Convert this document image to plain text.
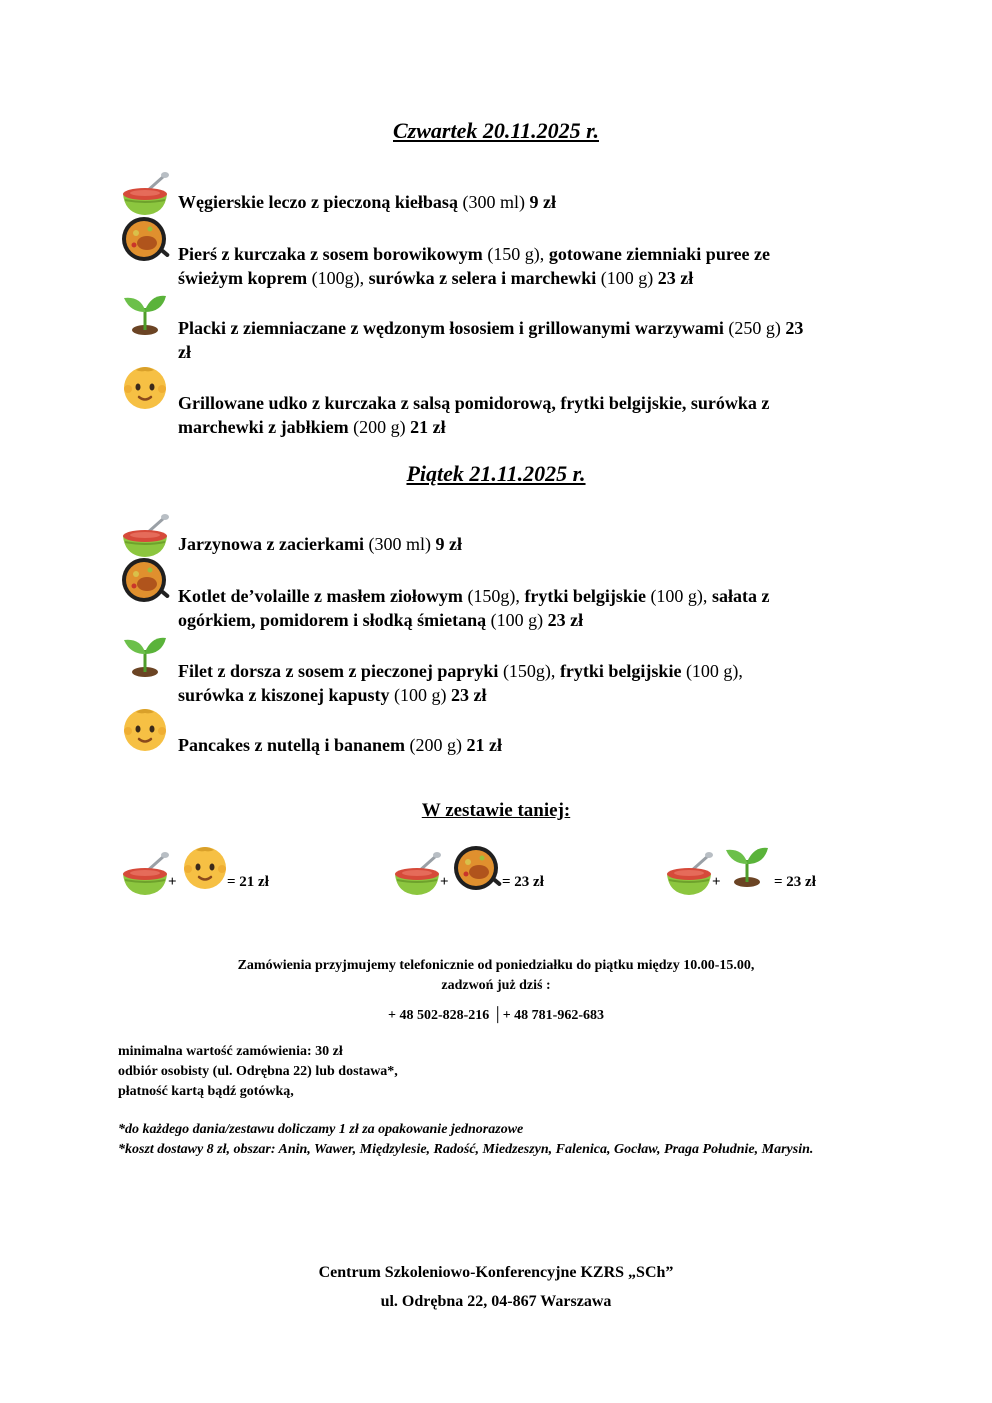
Czwartek 20.11.2025 r.
Węgierskie leczo z pieczoną kiełbasą (300 ml) 9 zł
Pierś z kurczaka z sosem borowikowym (150 g), gotowane ziemniaki puree ze
świeżym koprem (100g), surówka z selera i marchewki (100 g) 23 zł
Placki z ziemniaczane z wędzonym łososiem i grillowanymi warzywami (250 g) 23
zł
Grillowane udko z kurczaka z salsą pomidorową, frytki belgijskie, surówka z
marchewki z jabłkiem (200 g) 21 zł
Piątek 21.11.2025 r.
Jarzynowa z zacierkami (300 ml) 9 zł
Kotlet de’volaille z masłem ziołowym (150g), frytki belgijskie (100 g), sałata z
ogórkiem, pomidorem i słodką śmietaną (100 g) 23 zł
Filet z dorsza z sosem z pieczonej papryki (150g), frytki belgijskie (100 g),
surówka z kiszonej kapusty (100 g) 23 zł
Pancakes z nutellą i bananem (200 g) 21 zł
W zestawie taniej:
+	= 21 zł	+	= 23 zł	+	= 23 zł
Zamówienia przyjmujemy telefonicznie od poniedziałku do piątku między 10.00-15.00,
zadzwoń już dziś :
+ 48 502-828-216 │+ 48 781-962-683
minimalna wartość zamówienia: 30 zł
odbiór osobisty (ul. Odrębna 22) lub dostawa*,
płatność kartą bądź gotówką,
*do każdego dania/zestawu doliczamy 1 zł za opakowanie jednorazowe
*koszt dostawy 8 zł, obszar: Anin, Wawer, Międzylesie, Radość, Miedzeszyn, Falenica, Gocław, Praga Południe, Marysin.
Centrum Szkoleniowo-Konferencyjne KZRS „SCh”
ul. Odrębna 22, 04-867 Warszawa
